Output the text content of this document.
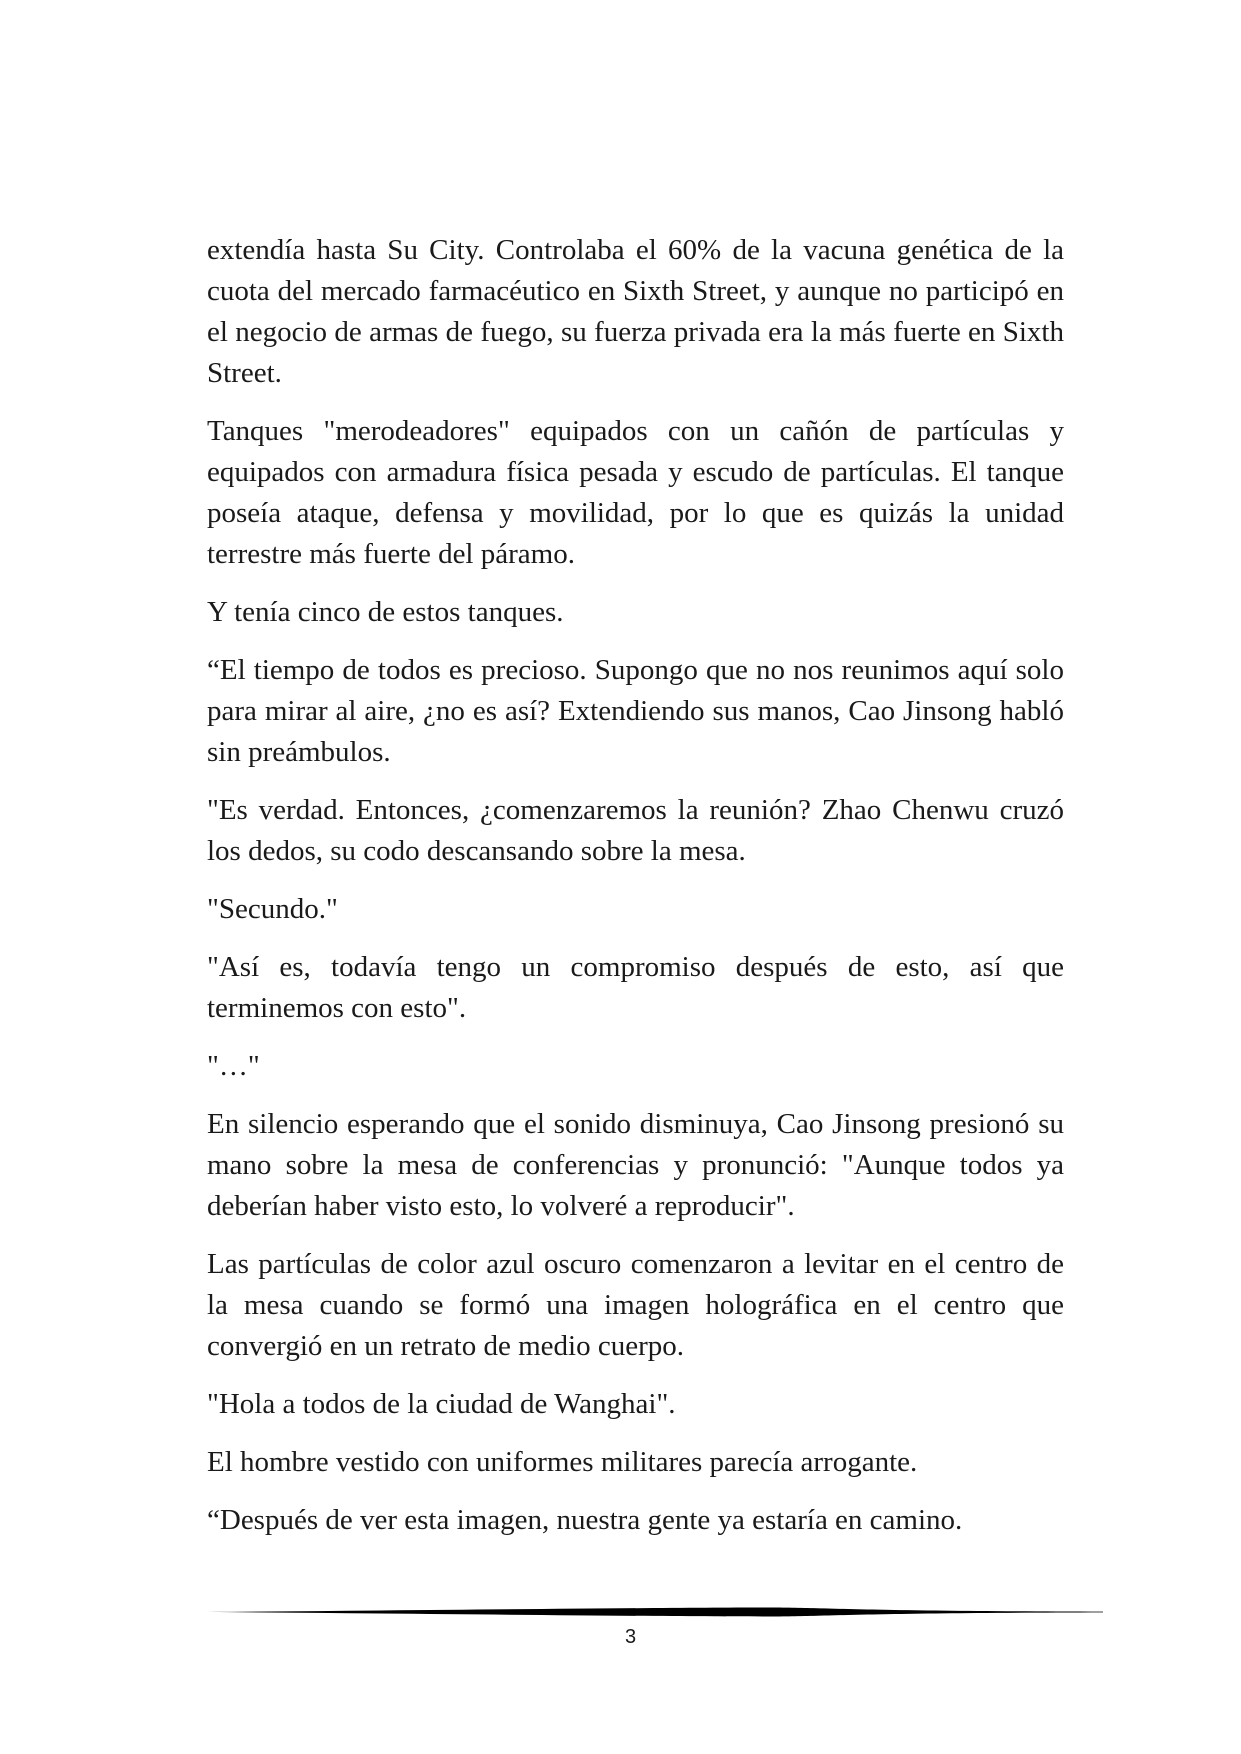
extendía hasta Su City. Controlaba el 60% de la vacuna genética de la cuota del mercado farmacéutico en Sixth Street, y aunque no participó en el negocio de armas de fuego, su fuerza privada era la más fuerte en Sixth Street.

Tanques "merodeadores" equipados con un cañón de partículas y equipados con armadura física pesada y escudo de partículas. El tanque poseía ataque, defensa y movilidad, por lo que es quizás la unidad terrestre más fuerte del páramo.

Y tenía cinco de estos tanques.

“El tiempo de todos es precioso. Supongo que no nos reunimos aquí solo para mirar al aire, ¿no es así? Extendiendo sus manos, Cao Jinsong habló sin preámbulos.

"Es verdad. Entonces, ¿comenzaremos la reunión? Zhao Chenwu cruzó los dedos, su codo descansando sobre la mesa.

"Secundo."

"Así es, todavía tengo un compromiso después de esto, así que terminemos con esto".

"…"

En silencio esperando que el sonido disminuya, Cao Jinsong presionó su mano sobre la mesa de conferencias y pronunció: "Aunque todos ya deberían haber visto esto, lo volveré a reproducir".

Las partículas de color azul oscuro comenzaron a levitar en el centro de la mesa cuando se formó una imagen holográfica en el centro que convergió en un retrato de medio cuerpo.

"Hola a todos de la ciudad de Wanghai".

El hombre vestido con uniformes militares parecía arrogante.

“Después de ver esta imagen, nuestra gente ya estaría en camino.

3
